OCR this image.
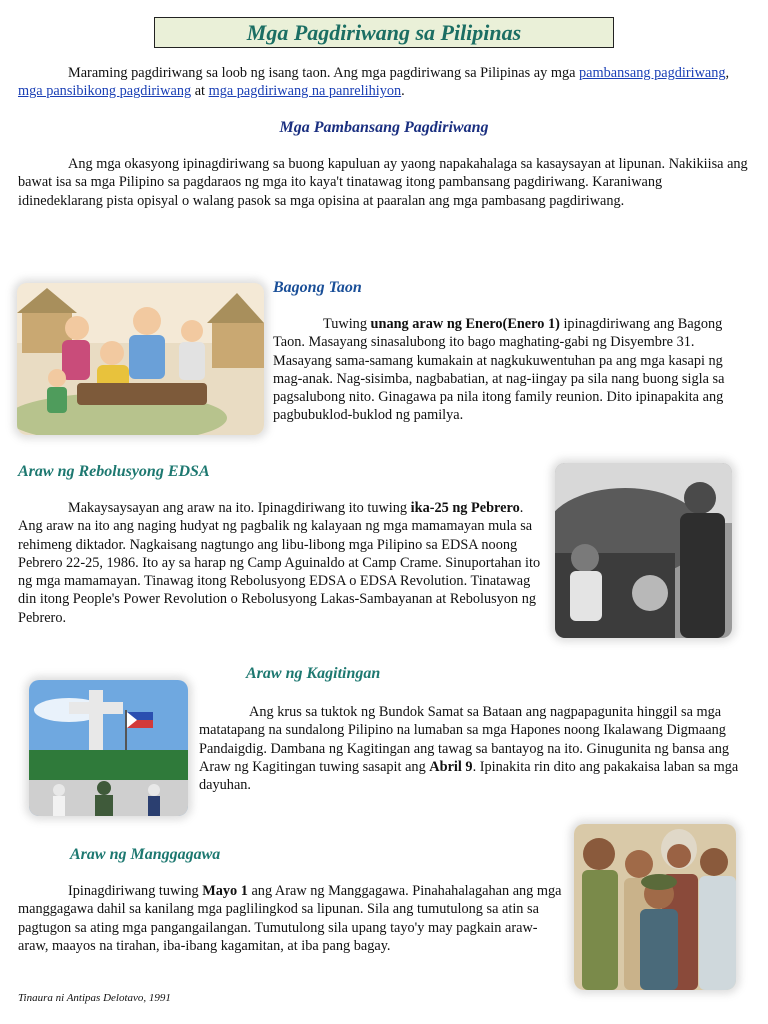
Mga Pagdiriwang sa Pilipinas

Maraming pagdiriwang sa loob ng isang taon. Ang mga pagdiriwang sa Pilipinas ay mga pambansang pagdiriwang, mga pansibikong pagdiriwang at mga pagdiriwang na panrelihiyon.

Mga Pambansang Pagdiriwang

Ang mga okasyong ipinagdiriwang sa buong kapuluan ay yaong napakahalaga sa kasaysayan at lipunan. Nakikiisa ang bawat isa sa mga Pilipino sa pagdaraos ng mga ito kaya't tinatawag itong pambansang pagdiriwang. Karaniwang idinedeklarang pista opisyal o walang pasok sa mga opisina at paaralan ang mga pambasang pagdiriwang.

Bagong Taon

Tuwing unang araw ng Enero(Enero 1) ipinagdiriwang ang Bagong Taon. Masayang sinasalubong ito bago maghating-gabi ng Disyembre 31. Masayang sama-samang kumakain at nagkukuwentuhan pa ang mga kasapi ng mag-anak. Nag-sisimba, nagbabatian, at nag-iingay pa sila nang buong sigla sa pagsalubong nito. Ginagawa pa nila itong family reunion. Dito ipinapakita ang pagbubuklod-buklod ng pamilya.

Araw ng Rebolusyong EDSA

Makaysaysayan ang araw na ito. Ipinagdiriwang ito tuwing ika-25 ng Pebrero. Ang araw na ito ang naging hudyat ng pagbalik ng kalayaan ng mga mamamayan mula sa rehimeng diktador. Nagkaisang nagtungo ang libu-libong mga Pilipino sa EDSA noong Pebrero 22-25, 1986. Ito ay sa harap ng Camp Aguinaldo at Camp Crame. Sinuportahan ito ng mga mamamayan. Tinawag itong Rebolusyong EDSA o EDSA Revolution. Tinatawag din itong People's Power Revolution o Rebolusyong Lakas-Sambayanan at Rebolusyon ng Pebrero.

Araw ng Kagitingan

Ang krus sa tuktok ng Bundok Samat sa Bataan ang nagpapagunita hinggil sa mga matatapang na sundalong Pilipino na lumaban sa mga Hapones noong Ikalawang Digmaang Pandaigdig. Dambana ng Kagitingan ang tawag sa bantayog na ito. Ginugunita ng bansa ang Araw ng Kagitingan tuwing sasapit ang Abril 9. Ipinakita rin dito ang pakakaisa laban sa mga dayuhan.

Araw ng Manggagawa

Ipinagdiriwang tuwing Mayo 1 ang Araw ng Manggagawa. Pinahahalagahan ang mga manggagawa dahil sa kanilang mga paglilingkod sa lipunan. Sila ang tumutulong sa atin sa pagtugon sa ating mga pangangailangan. Tumutulong sila upang tayo'y may pagkain araw-araw, maayos na tirahan, iba-ibang kagamitan, at iba pang bagay.

Tinaura ni Antipas Delotavo, 1991
